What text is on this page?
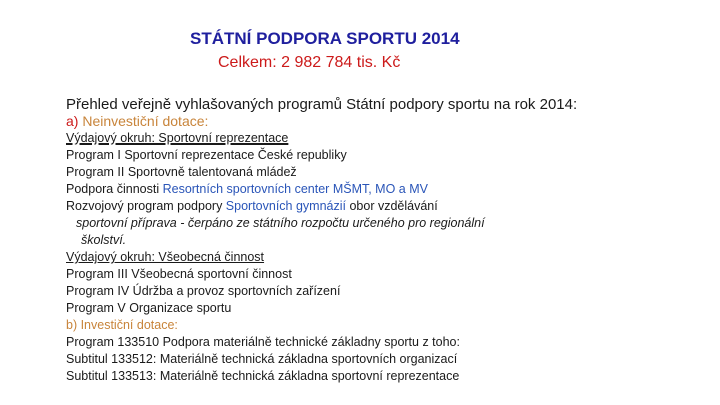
STÁTNÍ PODPORA SPORTU 2014
Celkem: 2 982 784 tis. Kč
Přehled veřejně vyhlašovaných programů Státní podpory sportu na rok 2014:
a) Neinvestiční dotace:
Výdajový okruh: Sportovní reprezentace
Program I Sportovní reprezentace České republiky
Program II Sportovně talentovaná mládež
Podpora činnosti Resortních sportovních center MŠMT, MO a MV
Rozvojový program podpory Sportovních gymnázií obor vzdělávání
sportovní příprava - čerpáno ze státního rozpočtu určeného pro regionální
školství.
Výdajový okruh: Všeobecná činnost
Program III Všeobecná sportovní činnost
Program IV Údržba a provoz sportovních zařízení
Program V Organizace sportu
b) Investiční dotace:
Program 133510 Podpora materiálně technické základny sportu z toho:
Subtitul 133512: Materiálně technická základna sportovních organizací
Subtitul 133513: Materiálně technická základna sportovní reprezentace
